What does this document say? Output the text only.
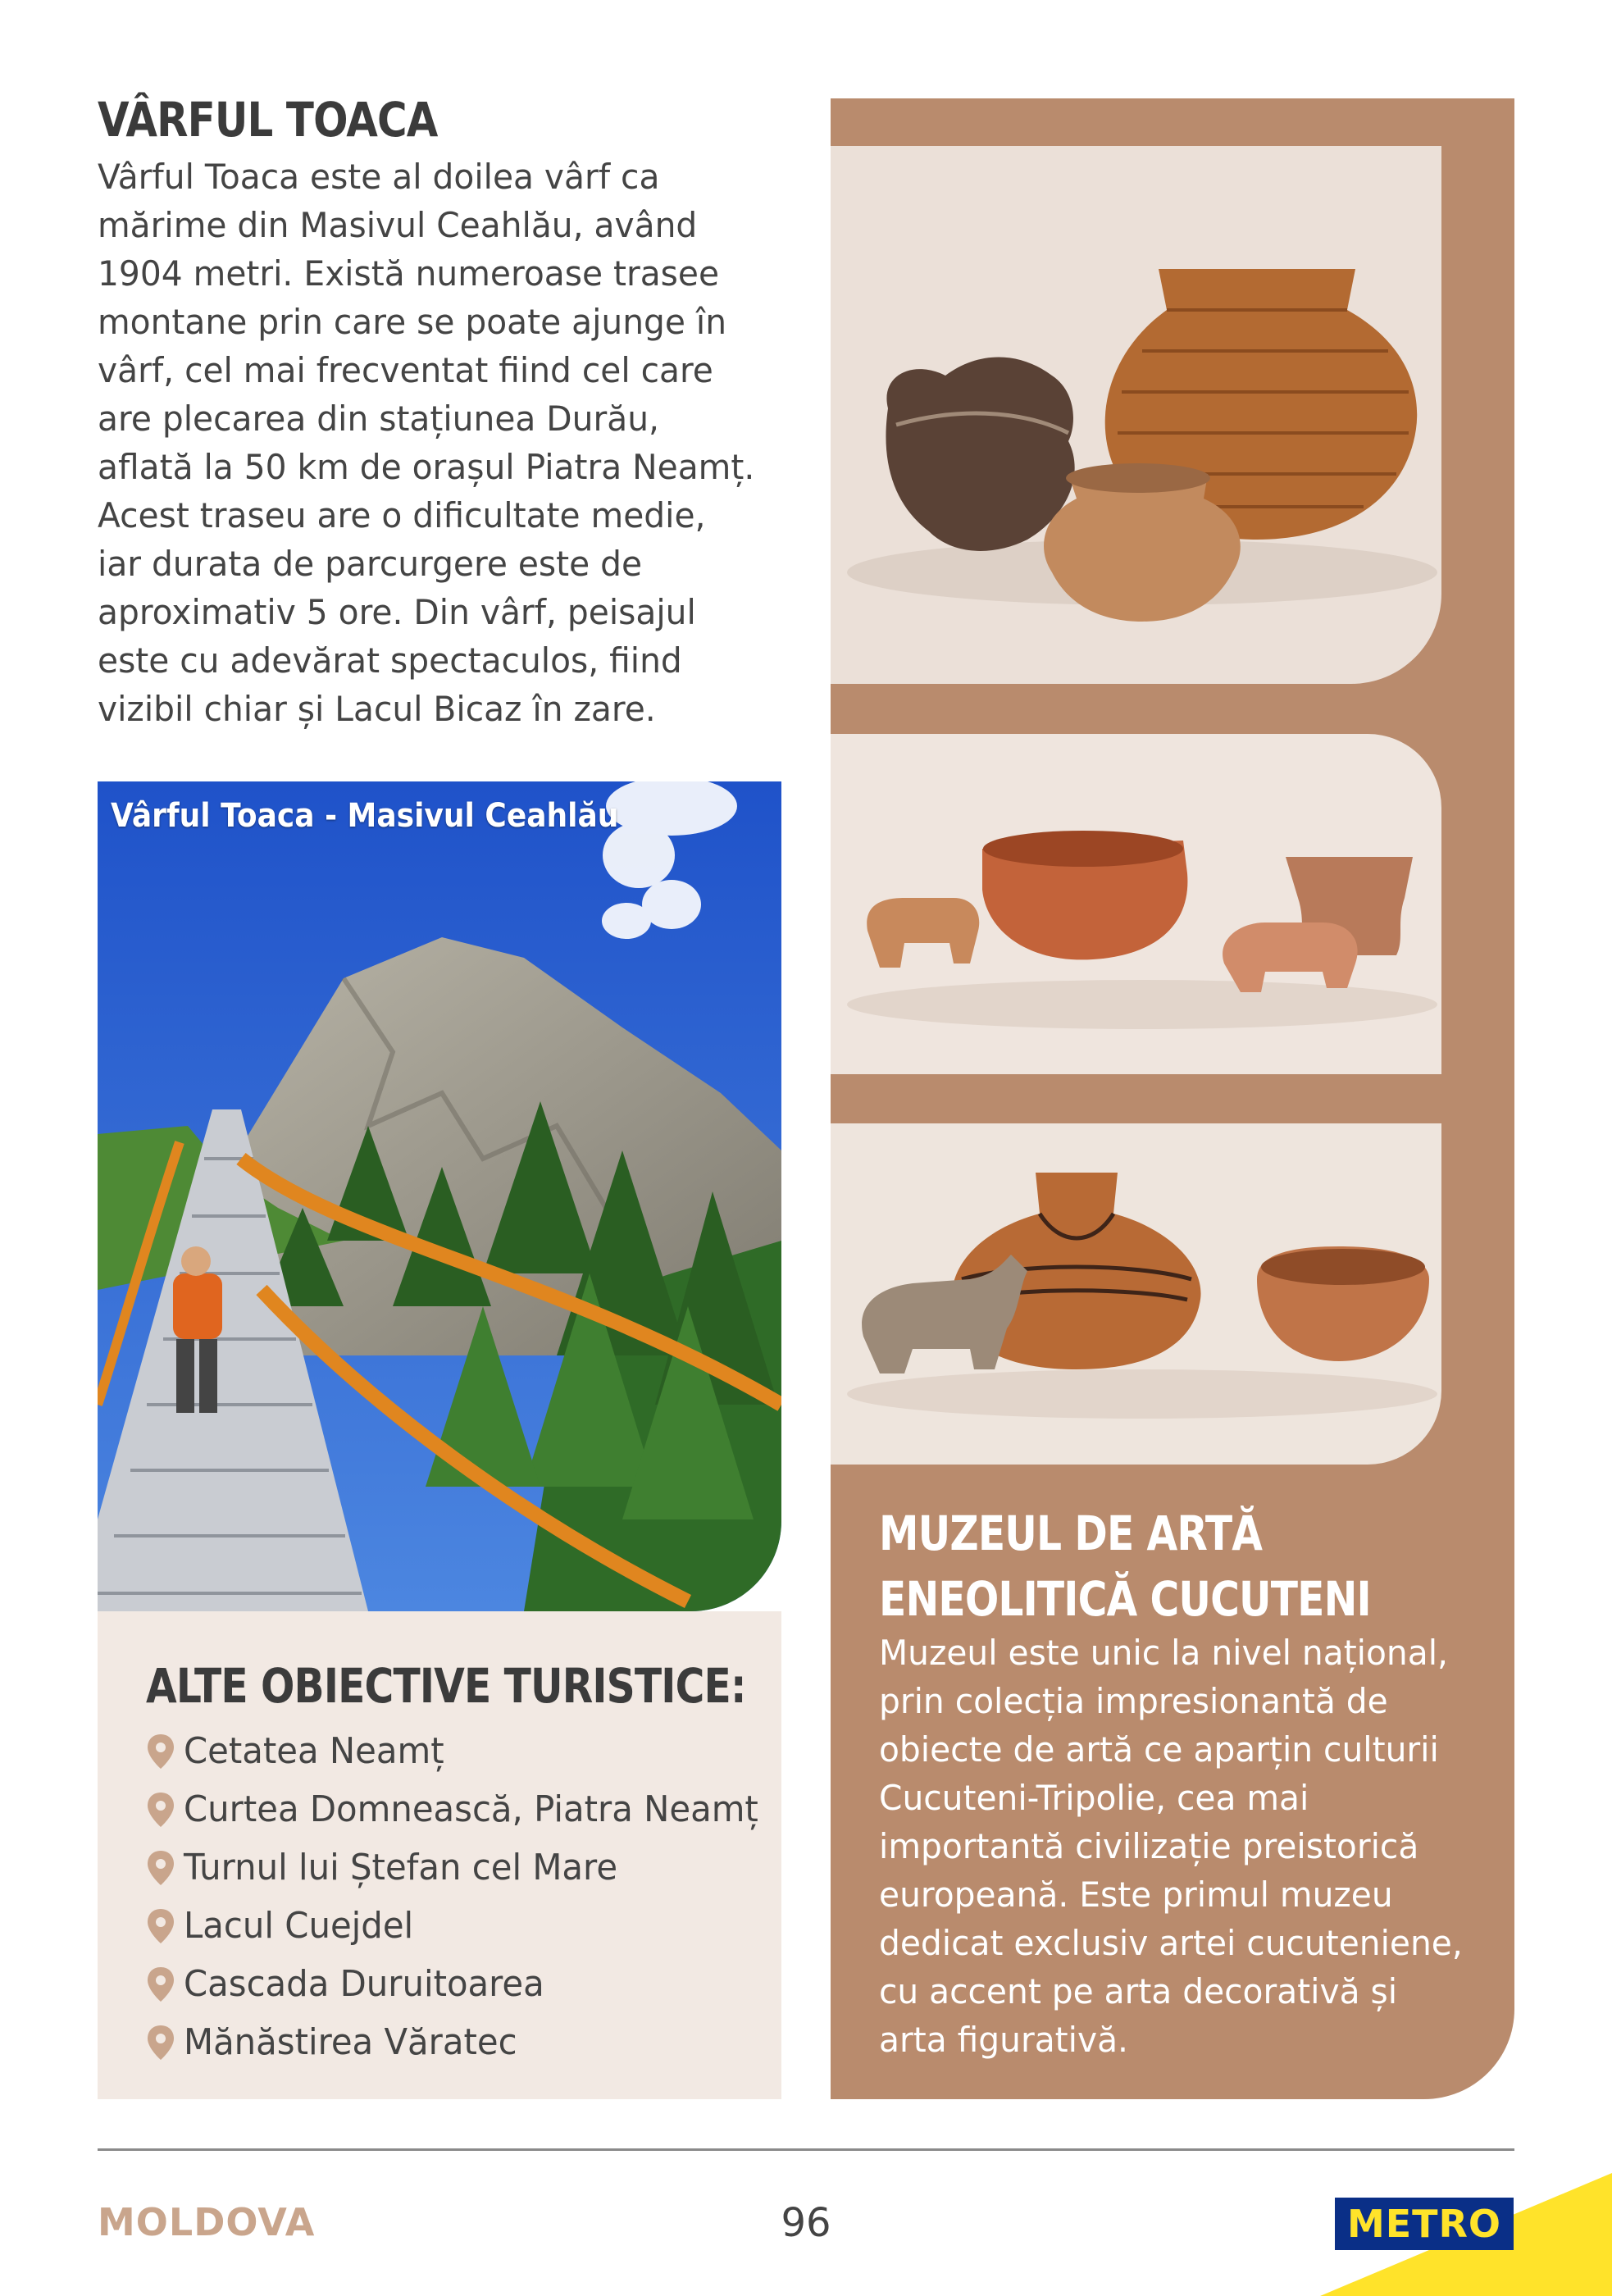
VÂRFUL TOACA

Vârful Toaca este al doilea vârf ca mărime din Masivul Ceahlău, având 1904 metri. Există numeroase trasee montane prin care se poate ajunge în vârf, cel mai frecventat fiind cel care are plecarea din stațiunea Durău, aflată la 50 km de orașul Piatra Neamț. Acest traseu are o dificultate medie, iar durata de parcurgere este de aproximativ 5 ore. Din vârf, peisajul este cu adevărat spectaculos, fiind vizibil chiar și Lacul Bicaz în zare.

Vârful Toaca - Masivul Ceahlău
ALTE OBIECTIVE TURISTICE:
Cetatea Neamț
Curtea Domnească, Piatra Neamț
Turnul lui Ștefan cel Mare
Lacul Cuejdel
Cascada Duruitoarea
Mănăstirea Văratec
MUZEUL DE ARTĂ
ENEOLITICĂ CUCUTENI

Muzeul este unic la nivel național, prin colecția impresionantă de obiecte de artă ce aparțin culturii Cucuteni-Tripolie, cea mai importantă civilizație preistorică europeană. Este primul muzeu dedicat exclusiv artei cucuteniene, cu accent pe arta decorativă și arta figurativă.

MOLDOVA	96	METRO
